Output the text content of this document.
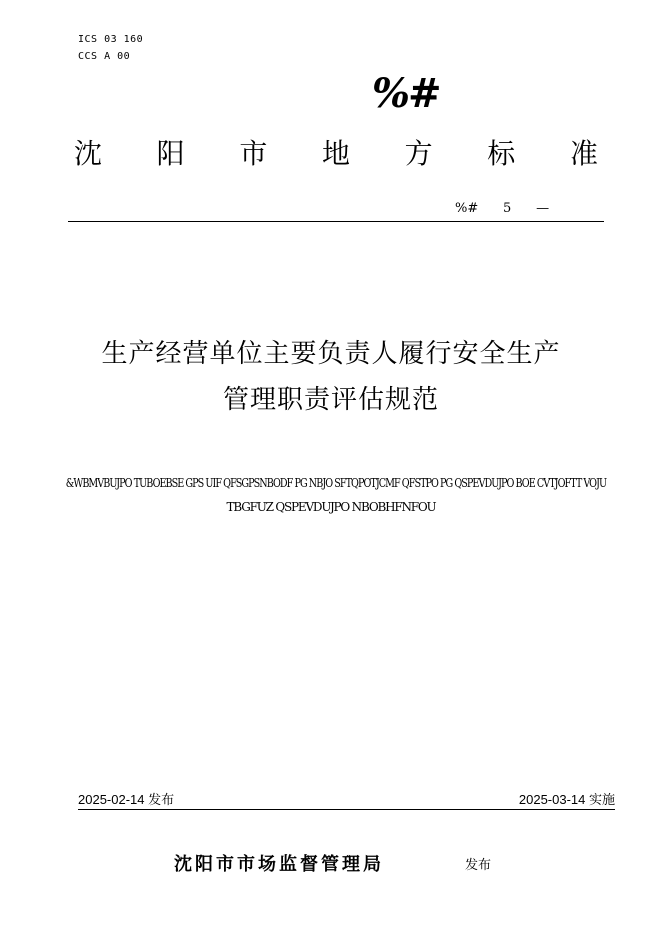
ICS 03 160
CCS A 00
%#
沈 阳 市 地 方 标 准
%#      5      —
生产经营单位主要负责人履行安全生产
管理职责评估规范
&WBMVBUJPO TUBOEBSE GPS UIF QFSGPSNBODF PG NBJO SFTQPOTJCMF QFSTPO PG QSPEVDUJPO BOE CVTJOFTT VOJU
TBGFUZ QSPEVDUJPO NBOBHFNFOU
2025-02-14 发布	2025-03-14 实施
沈阳市市场监督管理局	发布
